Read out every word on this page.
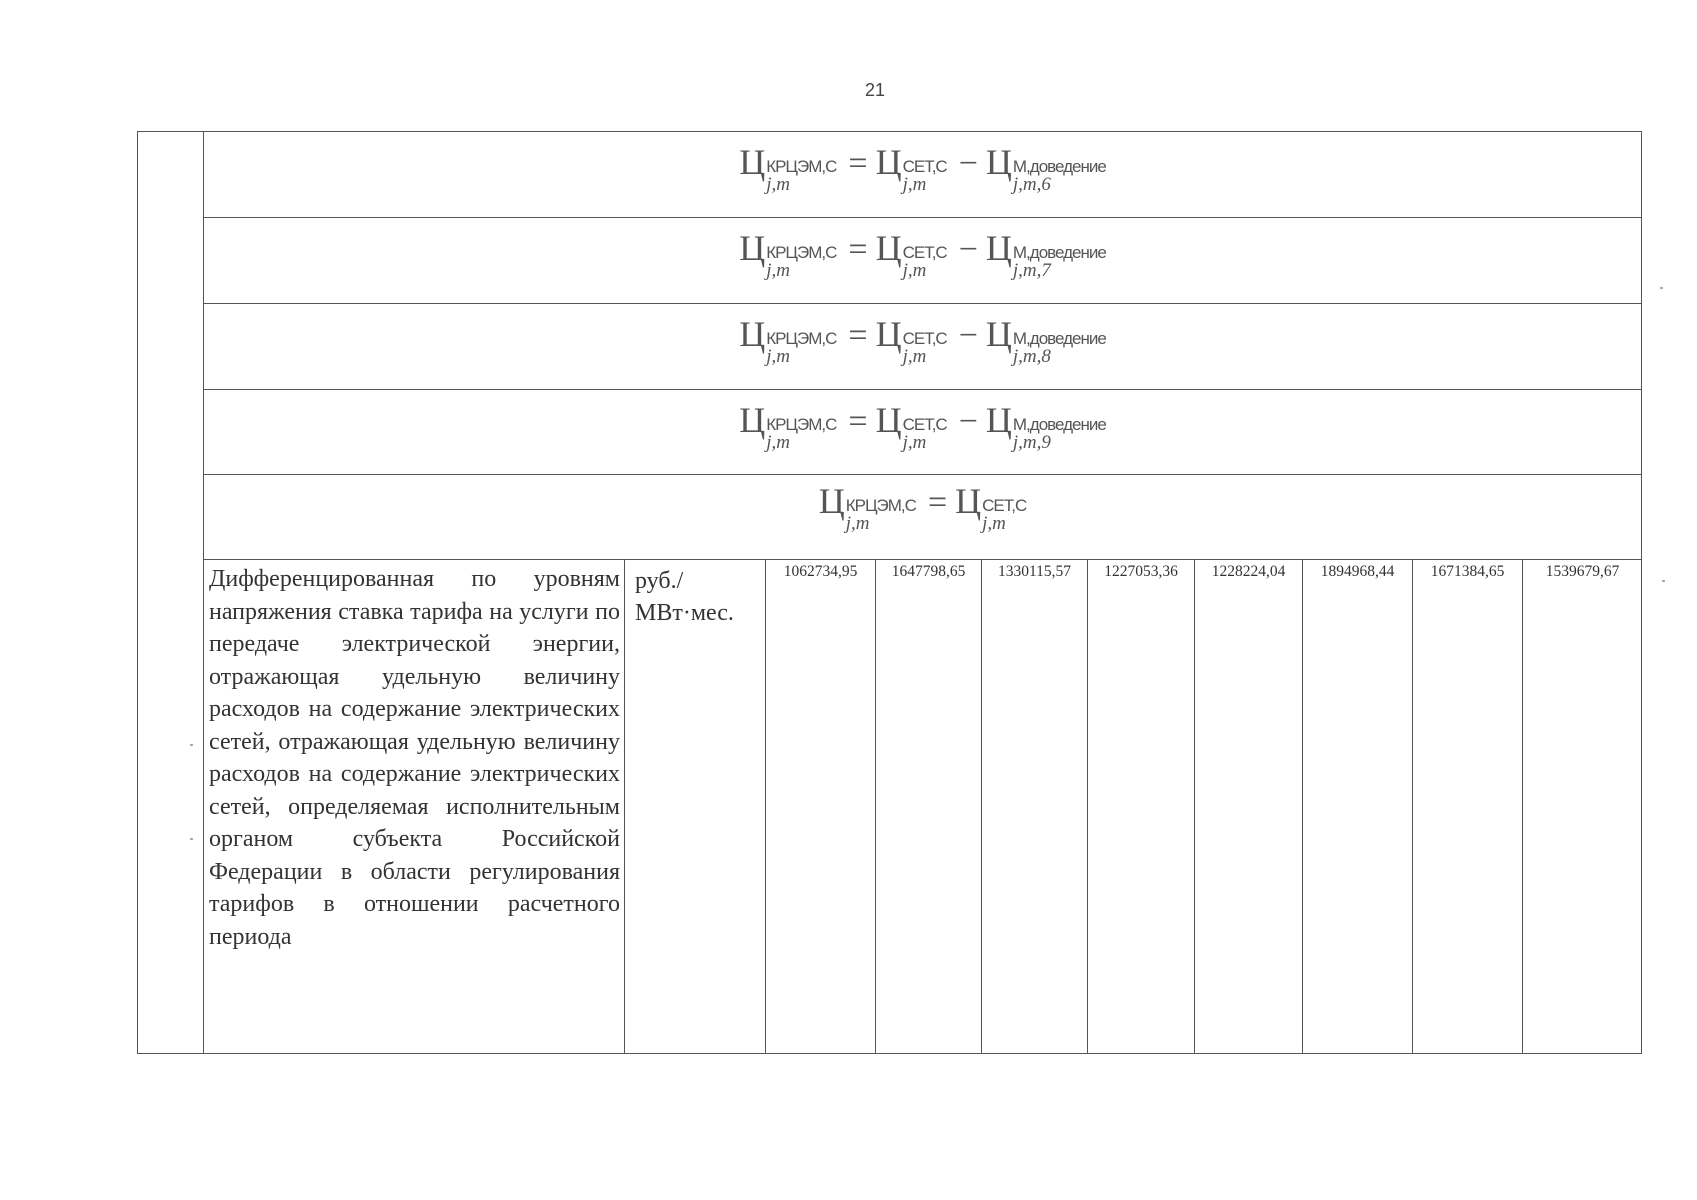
21
Ц КРЦЭМ,C
j,m
= Ц СЕТ,C
j,m
− Ц M,доведение
j,m,6
Ц КРЦЭМ,C
j,m
= Ц СЕТ,C
j,m
− Ц M,доведение
j,m,7
Ц КРЦЭМ,C
j,m
= Ц СЕТ,C
j,m
− Ц M,доведение
j,m,8
Ц КРЦЭМ,C
j,m
= Ц СЕТ,C
j,m
− Ц M,доведение
j,m,9
Ц КРЦЭМ,C
j,m
= Ц СЕТ,C
j,m
Дифференцированная по уровням напряжения ставка тарифа на услуги по передаче электрической энергии, отражающая удельную величину расходов на содержание электрических сетей, отражающая удельную величину расходов на содержание электрических сетей, определяемая исполнительным органом субъекта Российской Федерации в области регулирования тарифов в отношении расчетного периода
руб./ МВт·мес.
1062734,95	1647798,65	1330115,57	1227053,36	1228224,04	1894968,44	1671384,65	1539679,67
